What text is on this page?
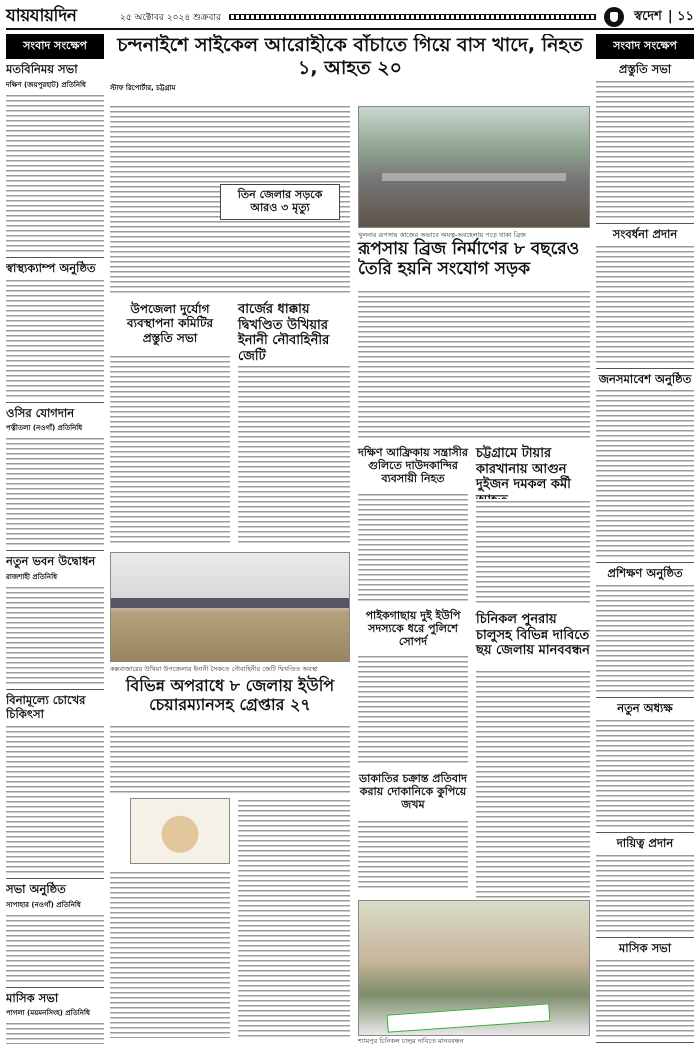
যায়যায়দিন	২৫ অক্টোবর ২০২৪ শুক্রবার	স্বদেশ | ১১
সংবাদ সংক্ষেপ
মতবিনিময় সভা
দক্ষিণ (জয়পুরহাট) প্রতিনিধি
স্বাস্থ্যক্যাম্প অনুষ্ঠিত
ওসির যোগদান
পত্নীতলা (নওগাঁ) প্রতিনিধি
নতুন ভবন উদ্বোধন
রাজশাহী প্রতিনিধি
বিনামূল্যে চোখের চিকিৎসা
সভা অনুষ্ঠিত
সাপাহার (নওগাঁ) প্রতিনিধি
মাসিক সভা
পাগলা (ময়মনসিংহ) প্রতিনিধি
সংবাদ সংক্ষেপ
প্রস্তুতি সভা
সংবর্ধনা প্রদান
জনসমাবেশ অনুষ্ঠিত
প্রশিক্ষণ অনুষ্ঠিত
নতুন অধ্যক্ষ
দায়িত্ব প্রদান
মাসিক সভা
চন্দনাইশে সাইকেল আরোহীকে বাঁচাতে গিয়ে বাস খাদে, নিহত ১, আহত ২০
স্টাফ রিপোর্টার, চট্টগ্রাম
তিন জেলার সড়কে আরও ৩ মৃত্যু
খুলনার রূপসায় কাজের অভাবে অযত্ন-অবহেলায় পড়ে থাকা ব্রিজ
রূপসায় ব্রিজ নির্মাণের ৮ বছরেও তৈরি হয়নি সংযোগ সড়ক
উপজেলা দুর্যোগ ব্যবস্থাপনা কমিটির প্রস্তুতি সভা
বার্জের ধাক্কায় দ্বিখণ্ডিত উখিয়ার ইনানী নৌবাহিনীর জেটি
দক্ষিণ আফ্রিকায় সন্ত্রাসীর গুলিতে দাউদকান্দির ব্যবসায়ী নিহত
চট্টগ্রামে টায়ার কারখানায় আগুন দুইজন দমকল কর্মী
কক্সবাজারের উখিয়া উপজেলার ইনানী সৈকতে নৌবাহিনীর জেটি দ্বিখণ্ডিত অবস্থা
পাইকগাছায় দুই ইউপি সদস্যকে ধরে পুলিশে সোপর্দ
চিনিকল পুনরায় চালুসহ বিভিন্ন দাবিতে ছয় জেলায় মানববন্ধন
বিভিন্ন অপরাধে ৮ জেলায় ইউপি চেয়ারম্যানসহ গ্রেপ্তার ২৭
ডাকাতির চক্রান্ত প্রতিবাদ করায় দোকানিকে কুপিয়ে জখম
শ্যামপুর চিনিকল চালুর দাবিতে মানববন্ধন
